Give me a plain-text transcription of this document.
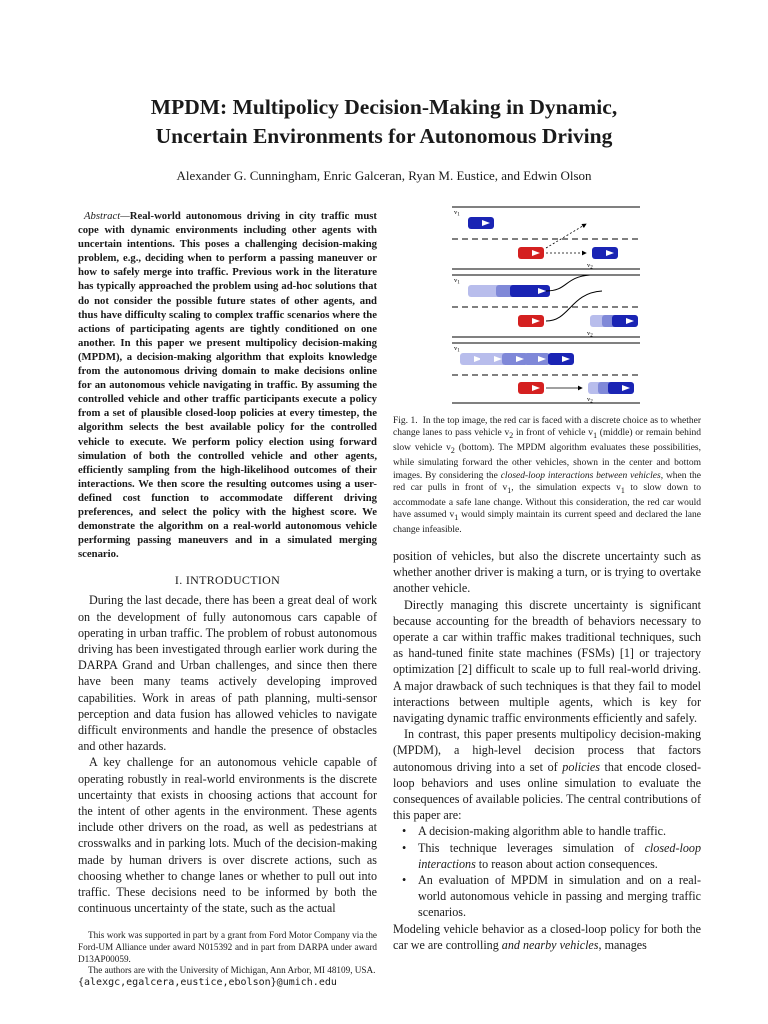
MPDM: Multipolicy Decision-Making in Dynamic,
Uncertain Environments for Autonomous Driving
Alexander G. Cunningham, Enric Galceran, Ryan M. Eustice, and Edwin Olson

Abstract—Real-world autonomous driving in city traffic must cope with dynamic environments including other agents with uncertain intentions. This poses a challenging decision-making problem, e.g., deciding when to perform a passing maneuver or how to safely merge into traffic. Previous work in the literature has typically approached the problem using ad-hoc solutions that do not consider the possible future states of other agents, and thus have difficulty scaling to complex traffic scenarios where the actions of participating agents are tightly conditioned on one another. In this paper we present multipolicy decision-making (MPDM), a decision-making algorithm that exploits knowledge from the autonomous driving domain to make decisions online for an autonomous vehicle navigating in traffic. By assuming the controlled vehicle and other traffic participants execute a policy from a set of plausible closed-loop policies at every timestep, the algorithm selects the best available policy for the controlled vehicle to execute. We perform policy election using forward simulation of both the controlled vehicle and other agents, efficiently sampling from the high-likelihood outcomes of their interactions. We then score the resulting outcomes using a user-defined cost function to accommodate different driving preferences, and select the policy with the highest score. We demonstrate the algorithm on a real-world autonomous vehicle performing passing maneuvers and in a simulated merging scenario.

I. INTRODUCTION

During the last decade, there has been a great deal of work on the development of fully autonomous cars capable of operating in urban traffic. The problem of robust autonomous driving has been investigated through earlier work during the DARPA Grand and Urban challenges, and since then there have been many teams actively developing improved capabilities. Work in areas of path planning, multi-sensor perception and data fusion has allowed vehicles to navigate difficult environments and handle the presence of obstacles and other hazards.

A key challenge for an autonomous vehicle capable of operating robustly in real-world environments is the discrete uncertainty that exists in choosing actions that account for the intent of other agents in the environment. These agents include other drivers on the road, as well as pedestrians at crosswalks and in parking lots. Much of the decision-making made by human drivers is over discrete actions, such as choosing whether to change lanes or whether to pull out into traffic. These decisions need to be informed by both the continuous uncertainty of the state, such as the actual

This work was supported in part by a grant from Ford Motor Company via the Ford-UM Alliance under award N015392 and in part from DARPA under award D13AP00059.

The authors are with the University of Michigan, Ann Arbor, MI 48109, USA.

{alexgc,egalcera,eustice,ebolson}@umich.edu

$v_1$
$v_2$
$v_1$
$v_2$
$v_1$
$v_2$

Fig. 1. In the top image, the red car is faced with a discrete choice as to whether change lanes to pass vehicle $v_2$ in front of vehicle $v_1$ (middle) or remain behind slow vehicle $v_2$ (bottom). The MPDM algorithm evaluates these possibilities, while simulating forward the other vehicles, shown in the center and bottom images. By considering the closed-loop interactions between vehicles, when the red car pulls in front of $v_1$, the simulation expects $v_1$ to slow down to accommodate a safe lane change. Without this consideration, the red car would have assumed $v_1$ would simply maintain its current speed and declared the lane change infeasible.

position of vehicles, but also the discrete uncertainty such as whether another driver is making a turn, or is trying to overtake another vehicle.

Directly managing this discrete uncertainty is significant because accounting for the breadth of behaviors necessary to operate a car within traffic makes traditional techniques, such as hand-tuned finite state machines (FSMs) [1] or trajectory optimization [2] difficult to scale up to full real-world driving. A major drawback of such techniques is that they fail to model interactions between multiple agents, which is key for navigating dynamic traffic environments efficiently and safely.

In contrast, this paper presents multipolicy decision-making (MPDM), a high-level decision process that factors autonomous driving into a set of policies that encode closed-loop behaviors and uses online simulation to evaluate the consequences of available policies. The central contributions of this paper are:

• A decision-making algorithm able to handle traffic.
• This technique leverages simulation of closed-loop interactions to reason about action consequences.
• An evaluation of MPDM in simulation and on a real-world autonomous vehicle in passing and merging traffic scenarios.

Modeling vehicle behavior as a closed-loop policy for both the car we are controlling and nearby vehicles, manages
